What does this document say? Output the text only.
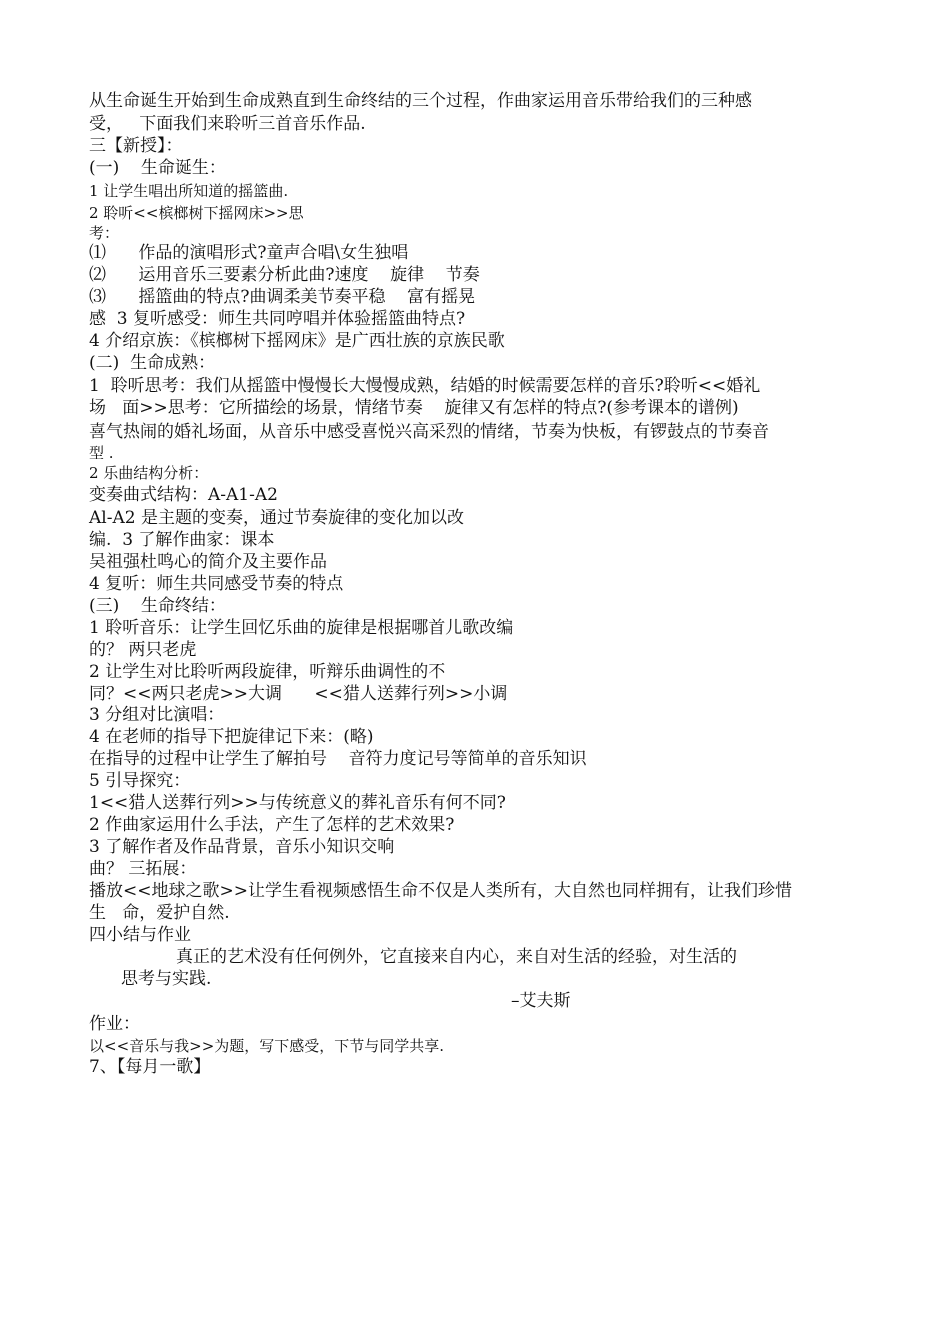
从生命诞生开始到生命成熟直到生命终结的三个过程，作曲家运用音乐带给我们的三种感
受，   下面我们来聆听三首音乐作品.
三【新授】：
(一)    生命诞生：
1 让学生唱出所知道的摇篮曲.
2 聆听<<槟榔树下摇网床>>思
考：
⑴      作品的演唱形式?童声合唱\女生独唱
⑵      运用音乐三要素分析此曲?速度    旋律    节奏
⑶      摇篮曲的特点?曲调柔美节奏平稳    富有摇晃
感  3 复听感受：师生共同哼唱并体验摇篮曲特点?
4 介绍京族：《槟榔树下摇网床》是广西壮族的京族民歌
(二)  生命成熟：
1  聆听思考：我们从摇篮中慢慢长大慢慢成熟，结婚的时候需要怎样的音乐?聆听<<婚礼
场   面>>思考：它所描绘的场景，情绪节奏    旋律又有怎样的特点?(参考课本的谱例)
喜气热闹的婚礼场面，从音乐中感受喜悦兴高采烈的情绪，节奏为快板，有锣鼓点的节奏音
型 .
2 乐曲结构分析：
变奏曲式结构：A-A1-A2
Al-A2 是主题的变奏，通过节奏旋律的变化加以改
编.  3 了解作曲家：课本
吴祖强杜鸣心的简介及主要作品
4 复听：师生共同感受节奏的特点
(三)    生命终结：
1 聆听音乐：让学生回忆乐曲的旋律是根据哪首儿歌改编
的？ 两只老虎
2 让学生对比聆听两段旋律，听辩乐曲调性的不
同？<<两只老虎>>大调      <<猎人送葬行列>>小调
3 分组对比演唱：
4 在老师的指导下把旋律记下来：(略)
在指导的过程中让学生了解拍号    音符力度记号等简单的音乐知识
5 引导探究：
1<<猎人送葬行列>>与传统意义的葬礼音乐有何不同?
2 作曲家运用什么手法，产生了怎样的艺术效果?
3 了解作者及作品背景，音乐小知识交响
曲？ 三拓展：
播放<<地球之歌>>让学生看视频感悟生命不仅是人类所有，大自然也同样拥有，让我们珍惜
生   命，爱护自然.
四小结与作业
真正的艺术没有任何例外，它直接来自内心，来自对生活的经验，对生活的
思考与实践.
–艾夫斯
作业：
以<<音乐与我>>为题，写下感受，下节与同学共享.
7、【每月一歌】
